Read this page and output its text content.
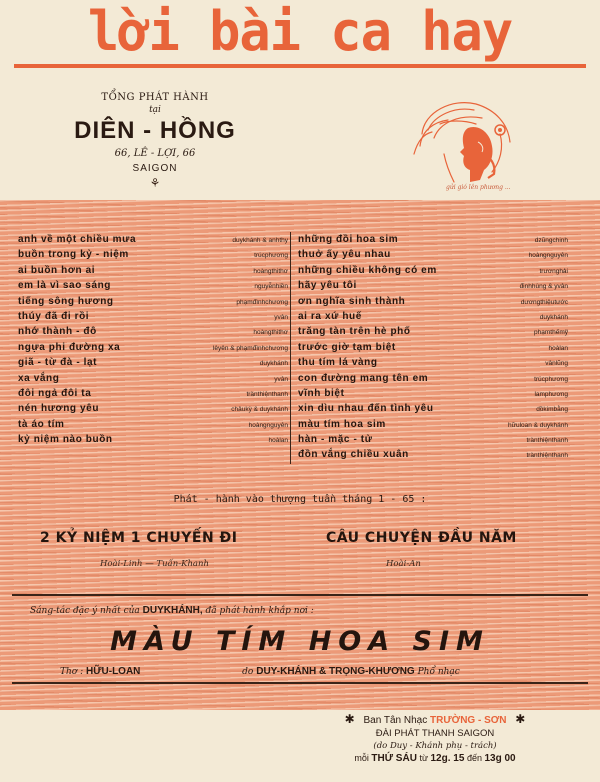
lời bài ca hay
TỔNG PHÁT HÀNH
tại
DIÊN - HỒNG
66, LÊ - LỢI, 66
SAIGON
⚘	gửi gió lên phương ...
anh về một chiều mưa	duykhánh & anhthy
buồn trong kỷ - niệm	trúcphương
ai buồn hơn ai	hoàngthithơ
em là vì sao sáng	nguyễnhiền
tiếng sông hương	phạmđìnhchương
thúy đã đi rồi	yvân
nhớ thành - đô	hoàngthithơ
ngựa phi đường xa	lêyên & phạmđìnhchương
giã - từ đà - lạt	duykhánh
xa vắng	yvân
đôi ngả đôi ta	trànthiệnthanh
nén hương yêu	châukỳ & duykhánh
tà áo tím	hoàngnguyên
kỷ niệm nào buồn	hoàlan
những đồi hoa sim	dzũngchinh
thuở ấy yêu nhau	hoàngnguyên
những chiều không có em	trươnghải
hãy yêu tôi	đinhhùng & yvân
ơn nghĩa sinh thành	dươngthiệutước
ai ra xứ huế	duykhánh
trăng tàn trên hè phố	phạmthếmỹ
trước giờ tạm biệt	hoàlan
thu tím lá vàng	vânlũng
con đường mang tên em	trúcphương
vĩnh biệt	lamphương
xin dìu nhau đến tình yêu	dồkimbằng
màu tím hoa sim	hữuloan & duykhánh
hàn - mặc - tử	trànthiệnthanh
đồn vắng chiều xuân	trànthiệnthanh
Phát - hành vào thượng tuần tháng 1 - 65 :
2 KỶ NIỆM 1 CHUYẾN ĐI
Hoài-Linh — Tuấn-Khanh
CÂU CHUYỆN ĐẦU NĂM
Hoài-An
Sáng-tác đặc ý nhất của DUYKHÁNH, đã phát hành khắp nơi :
MÀU TÍM HOA SIM
Thơ : HỮU-LOAN	do DUY-KHÁNH & TRỌNG-KHƯƠNG Phổ nhạc
✱ Ban Tân Nhạc TRƯỜNG - SƠN ✱
ĐÀI PHÁT THANH SAIGON
(do Duy - Khánh phụ - trách)
mỗi THỨ SÁU từ 12g. 15 đến 13g 00
